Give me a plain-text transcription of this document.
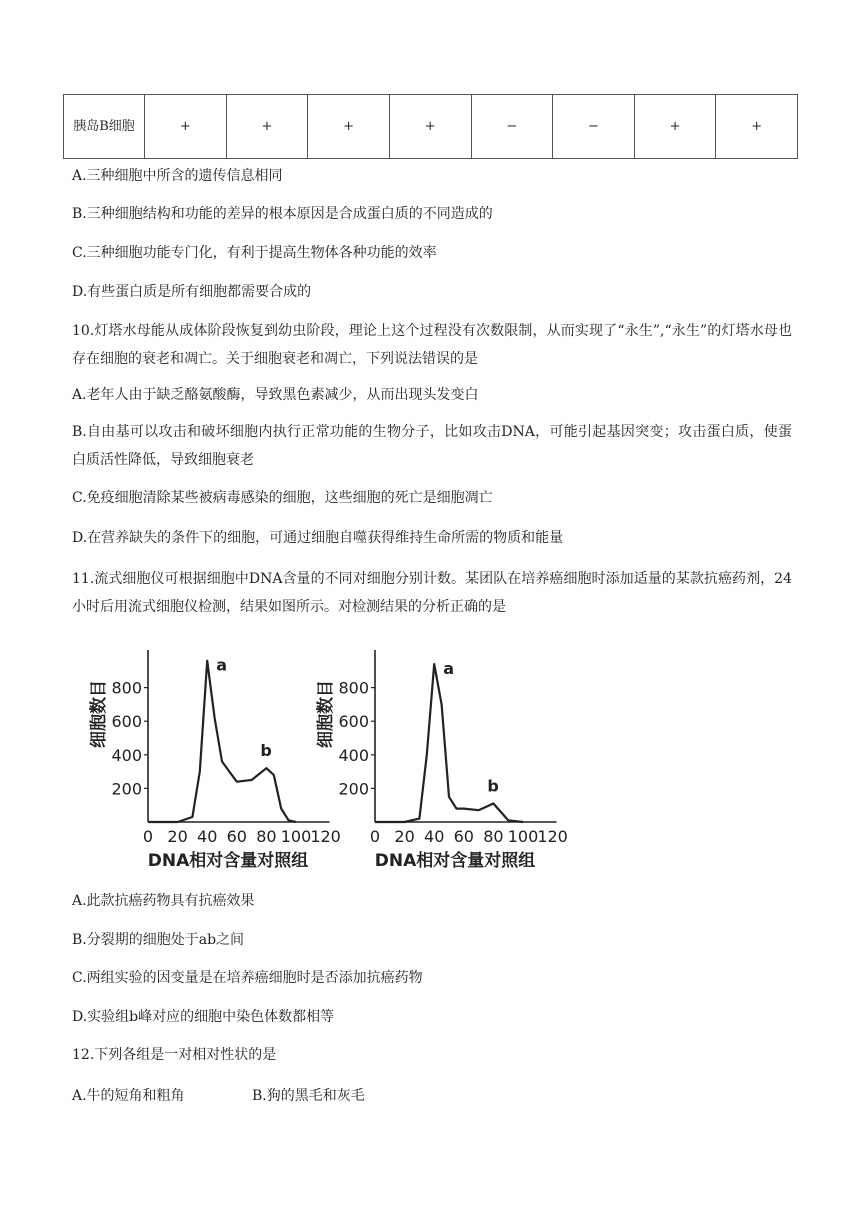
胰岛B细胞	+	+	+	+	−	−	+	+
A.三种细胞中所含的遗传信息相同
B.三种细胞结构和功能的差异的根本原因是合成蛋白质的不同造成的
C.三种细胞功能专门化，有利于提高生物体各种功能的效率
D.有些蛋白质是所有细胞都需要合成的
10.灯塔水母能从成体阶段恢复到幼虫阶段，理论上这个过程没有次数限制，从而实现了“永生”,“永生”的灯塔水母也存在细胞的衰老和凋亡。关于细胞衰老和凋亡，下列说法错误的是
A.老年人由于缺乏酪氨酸酶，导致黑色素减少，从而出现头发变白
B.自由基可以攻击和破坏细胞内执行正常功能的生物分子，比如攻击DNA，可能引起基因突变；攻击蛋白质，使蛋白质活性降低，导致细胞衰老
C.免疫细胞清除某些被病毒感染的细胞，这些细胞的死亡是细胞凋亡
D.在营养缺失的条件下的细胞，可通过细胞自噬获得维持生命所需的物质和能量
11.流式细胞仪可根据细胞中DNA含量的不同对细胞分别计数。某团队在培养癌细胞时添加适量的某款抗癌药剂，24小时后用流式细胞仪检测，结果如图所示。对检测结果的分析正确的是
200
400
600
800
0 20 40 60 80 100 120
a
b
细胞数目
DNA相对含量对照组
200
400
600
800
0 20 40 60 80 100 120
a
b
细胞数目
DNA相对含量对照组
A.此款抗癌药物具有抗癌效果
B.分裂期的细胞处于ab之间
C.两组实验的因变量是在培养癌细胞时是否添加抗癌药物
D.实验组b峰对应的细胞中染色体数都相等
12.下列各组是一对相对性状的是
A.牛的短角和粗角	B.狗的黑毛和灰毛
